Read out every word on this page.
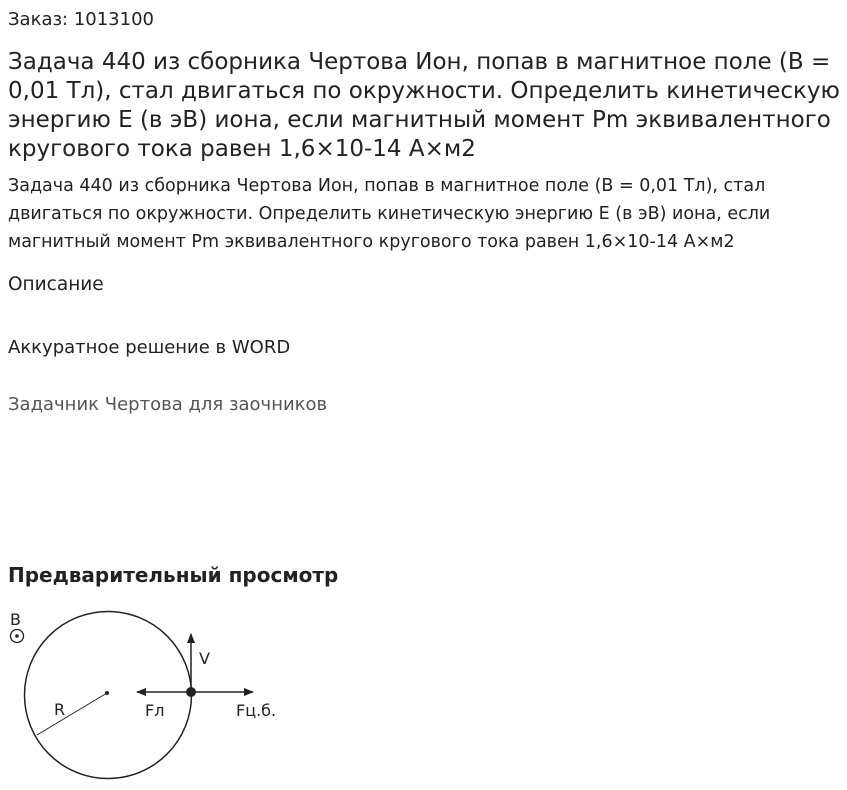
Заказ: 1013100
Задача 440 из сборника Чертова Ион, попав в магнитное поле (В = 0,01 Тл), стал двигаться по окружности. Определить кинетическую энергию Е (в эВ) иона, если магнитный момент Pm эквивалентного кругового тока равен 1,6×10-14 А×м2

Задача 440 из сборника Чертова Ион, попав в магнитное поле (В = 0,01 Тл), стал двигаться по окружности. Определить кинетическую энергию Е (в эВ) иона, если магнитный момент Pm эквивалентного кругового тока равен 1,6×10-14 А×м2

Описание
Аккуратное решение в WORD
Задачник Чертова для заочников
Предварительный просмотр
B
R
V
Fл	Fц.б.
